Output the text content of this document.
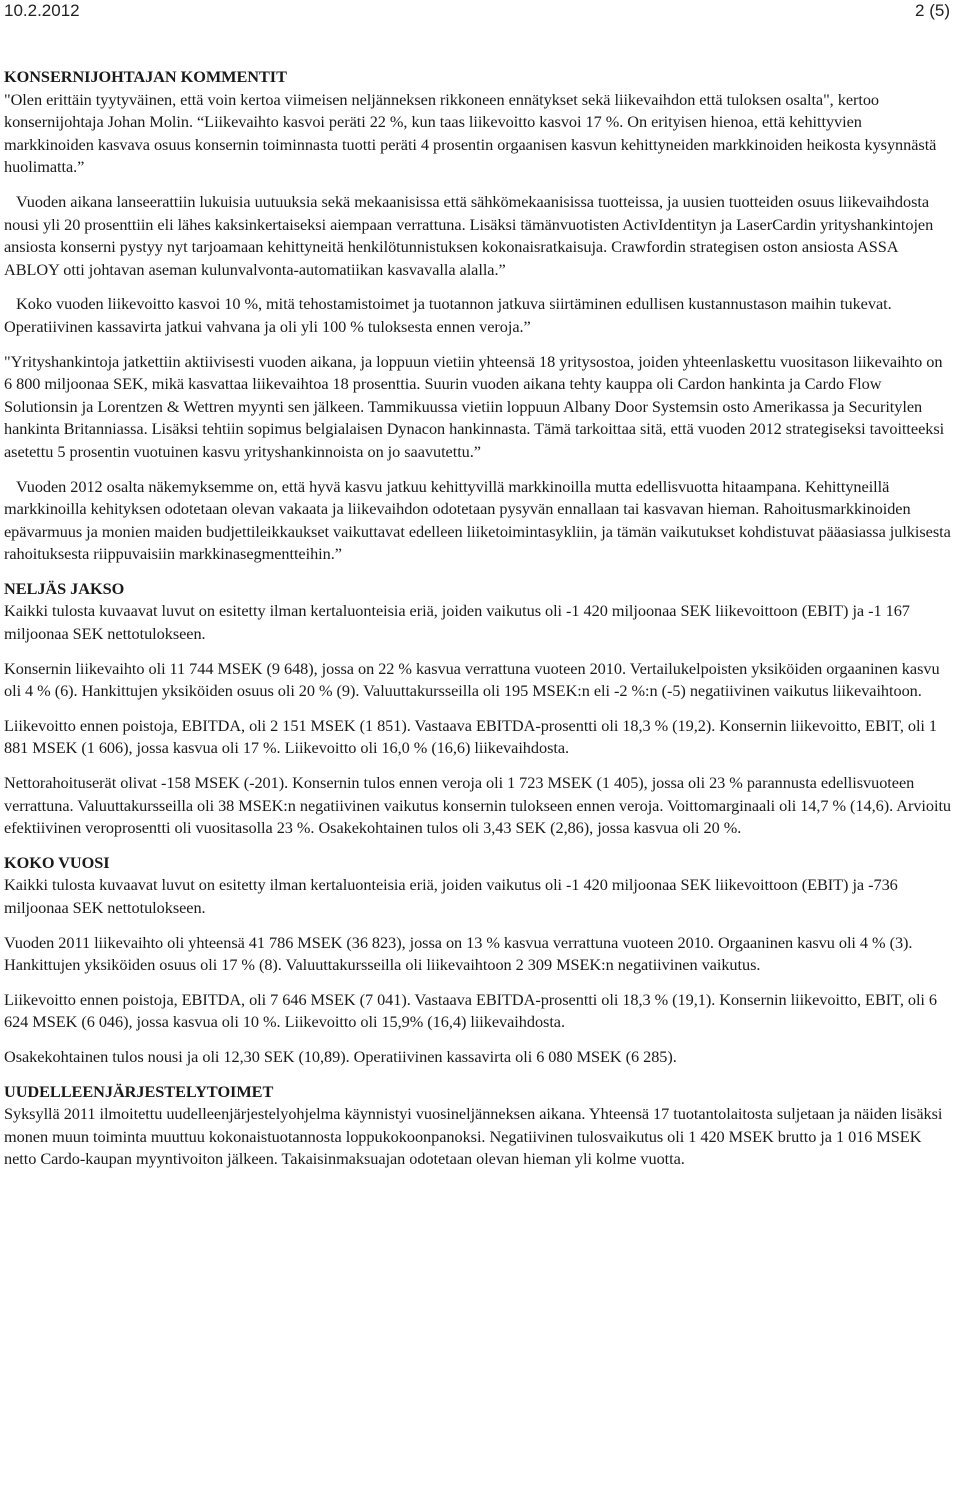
10.2.2012	2 (5)
KONSERNIJOHTAJAN KOMMENTIT

"Olen erittäin tyytyväinen, että voin kertoa viimeisen neljänneksen rikkoneen ennätykset sekä liikevaihdon että tuloksen osalta", kertoo konsernijohtaja Johan Molin. “Liikevaihto kasvoi peräti 22 %, kun taas liikevoitto kasvoi 17 %. On erityisen hienoa, että kehittyvien markkinoiden kasvava osuus konsernin toiminnasta tuotti peräti 4 prosentin orgaanisen kasvun kehittyneiden markkinoiden heikosta kysynnästä huolimatta.”

Vuoden aikana lanseerattiin lukuisia uutuuksia sekä mekaanisissa että sähkömekaanisissa tuotteissa, ja uusien tuotteiden osuus liikevaihdosta nousi yli 20 prosenttiin eli lähes kaksinkertaiseksi aiempaan verrattuna. Lisäksi tämänvuotisten ActivIdentityn ja LaserCardin yrityshankintojen ansiosta konserni pystyy nyt tarjoamaan kehittyneitä henkilötunnistuksen kokonaisratkaisuja. Crawfordin strategisen oston ansiosta ASSA ABLOY otti johtavan aseman kulunvalvonta-automatiikan kasvavalla alalla.”

Koko vuoden liikevoitto kasvoi 10 %, mitä tehostamistoimet ja tuotannon jatkuva siirtäminen edullisen kustannustason maihin tukevat. Operatiivinen kassavirta jatkui vahvana ja oli yli 100 % tuloksesta ennen veroja.”

"Yrityshankintoja jatkettiin aktiivisesti vuoden aikana, ja loppuun vietiin yhteensä 18 yritysostoa, joiden yhteenlaskettu vuositason liikevaihto on 6 800 miljoonaa SEK, mikä kasvattaa liikevaihtoa 18 prosenttia. Suurin vuoden aikana tehty kauppa oli Cardon hankinta ja Cardo Flow Solutionsin ja Lorentzen & Wettren myynti sen jälkeen. Tammikuussa vietiin loppuun Albany Door Systemsin osto Amerikassa ja Securitylen hankinta Britanniassa. Lisäksi tehtiin sopimus belgialaisen Dynacon hankinnasta. Tämä tarkoittaa sitä, että vuoden 2012 strategiseksi tavoitteeksi asetettu 5 prosentin vuotuinen kasvu yrityshankinnoista on jo saavutettu.”

Vuoden 2012 osalta näkemyksemme on, että hyvä kasvu jatkuu kehittyvillä markkinoilla mutta edellisvuotta hitaampana. Kehittyneillä markkinoilla kehityksen odotetaan olevan vakaata ja liikevaihdon odotetaan pysyvän ennallaan tai kasvavan hieman. Rahoitusmarkkinoiden epävarmuus ja monien maiden budjettileikkaukset vaikuttavat edelleen liiketoimintasykliin, ja tämän vaikutukset kohdistuvat pääasiassa julkisesta rahoituksesta riippuvaisiin markkinasegmentteihin.”

NELJÄS JAKSO

Kaikki tulosta kuvaavat luvut on esitetty ilman kertaluonteisia eriä, joiden vaikutus oli -1 420 miljoonaa SEK liikevoittoon (EBIT) ja -1 167 miljoonaa SEK nettotulokseen.

Konsernin liikevaihto oli 11 744 MSEK (9 648), jossa on 22 % kasvua verrattuna vuoteen 2010. Vertailukelpoisten yksiköiden orgaaninen kasvu oli 4 % (6). Hankittujen yksiköiden osuus oli 20 % (9). Valuuttakursseilla oli 195 MSEK:n eli -2 %:n (-5) negatiivinen vaikutus liikevaihtoon.

Liikevoitto ennen poistoja, EBITDA, oli 2 151 MSEK (1 851). Vastaava EBITDA-prosentti oli 18,3 % (19,2). Konsernin liikevoitto, EBIT, oli 1 881 MSEK (1 606), jossa kasvua oli 17 %. Liikevoitto oli 16,0 % (16,6) liikevaihdosta.

Nettorahoituserät olivat -158 MSEK (-201). Konsernin tulos ennen veroja oli 1 723 MSEK (1 405), jossa oli 23 % parannusta edellisvuoteen verrattuna. Valuuttakursseilla oli 38 MSEK:n negatiivinen vaikutus konsernin tulokseen ennen veroja. Voittomarginaali oli 14,7 % (14,6). Arvioitu efektiivinen veroprosentti oli vuositasolla 23 %. Osakekohtainen tulos oli 3,43 SEK (2,86), jossa kasvua oli 20 %.

KOKO VUOSI

Kaikki tulosta kuvaavat luvut on esitetty ilman kertaluonteisia eriä, joiden vaikutus oli -1 420 miljoonaa SEK liikevoittoon (EBIT) ja -736 miljoonaa SEK nettotulokseen.

Vuoden 2011 liikevaihto oli yhteensä 41 786 MSEK (36 823), jossa on 13 % kasvua verrattuna vuoteen 2010. Orgaaninen kasvu oli 4 % (3). Hankittujen yksiköiden osuus oli 17 % (8). Valuuttakursseilla oli liikevaihtoon 2 309 MSEK:n negatiivinen vaikutus.

Liikevoitto ennen poistoja, EBITDA, oli 7 646 MSEK (7 041). Vastaava EBITDA-prosentti oli 18,3 % (19,1). Konsernin liikevoitto, EBIT, oli 6 624 MSEK (6 046), jossa kasvua oli 10 %. Liikevoitto oli 15,9% (16,4) liikevaihdosta.

Osakekohtainen tulos nousi ja oli 12,30 SEK (10,89). Operatiivinen kassavirta oli 6 080 MSEK (6 285).

UUDELLEENJÄRJESTELYTOIMET

Syksyllä 2011 ilmoitettu uudelleenjärjestelyohjelma käynnistyi vuosineljänneksen aikana. Yhteensä 17 tuotantolaitosta suljetaan ja näiden lisäksi monen muun toiminta muuttuu kokonaistuotannosta loppukokoonpanoksi. Negatiivinen tulosvaikutus oli 1 420 MSEK brutto ja 1 016 MSEK netto Cardo-kaupan myyntivoiton jälkeen. Takaisinmaksuajan odotetaan olevan hieman yli kolme vuotta.
